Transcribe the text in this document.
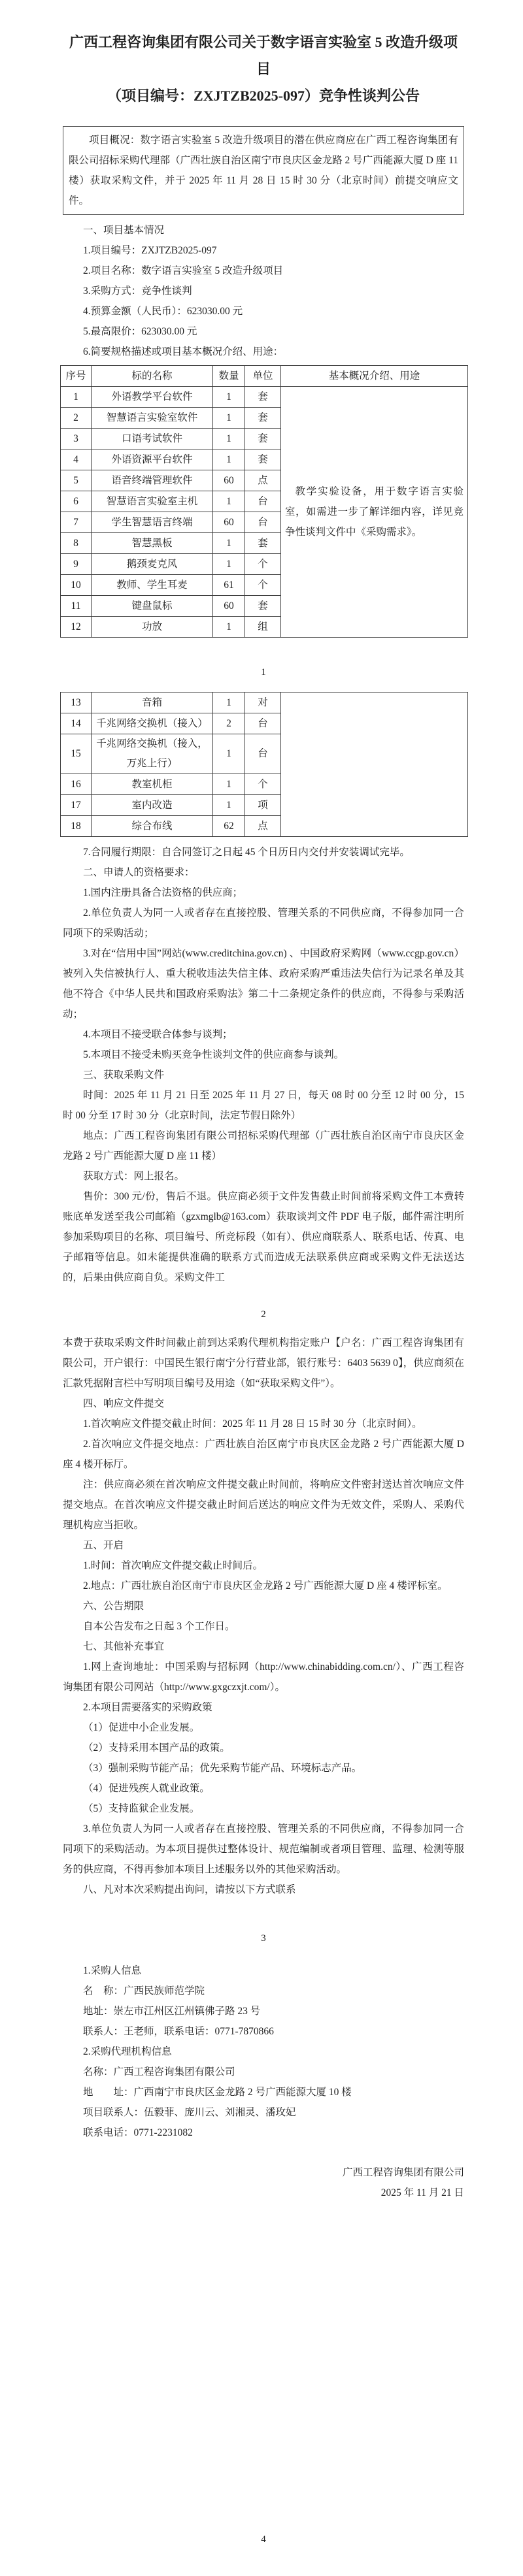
广西工程咨询集团有限公司关于数字语言实验室 5 改造升级项目

（项目编号：ZXJTZB2025-097）竞争性谈判公告

项目概况：数字语言实验室 5 改造升级项目的潜在供应商应在广西工程咨询集团有限公司招标采购代理部（广西壮族自治区南宁市良庆区金龙路 2 号广西能源大厦 D 座 11 楼）获取采购文件，并于 2025 年 11 月 28 日 15 时 30 分（北京时间）前提交响应文件。

一、项目基本情况

1.项目编号：ZXJTZB2025-097

2.项目名称：数字语言实验室 5 改造升级项目

3.采购方式：竞争性谈判

4.预算金额（人民币）：623030.00 元

5.最高限价：623030.00 元

6.简要规格描述或项目基本概况介绍、用途：

序号	标的名称	数量	单位	基本概况介绍、用途
1	外语教学平台软件	1	套	教学实验设备，用于数字语言实验室，如需进一步了解详细内容，详见竞争性谈判文件中《采购需求》。
2	智慧语言实验室软件	1	套	
3	口语考试软件	1	套	
4	外语资源平台软件	1	套	
5	语音终端管理软件	60	点	
6	智慧语言实验室主机	1	台	
7	学生智慧语言终端	60	台	
8	智慧黑板	1	套	
9	鹅颈麦克风	1	个	
10	教师、学生耳麦	61	个	
11	键盘鼠标	60	套	
12	功放	1	组	

1

13	音箱	1	对	
14	千兆网络交换机（接入）	2	台	
15	千兆网络交换机（接入，万兆上行）	1	台	
16	教室机柜	1	个	
17	室内改造	1	项	
18	综合布线	62	点	

7.合同履行期限：自合同签订之日起 45 个日历日内交付并安装调试完毕。

二、申请人的资格要求：

1.国内注册具备合法资格的供应商；

2.单位负责人为同一人或者存在直接控股、管理关系的不同供应商，不得参加同一合同项下的采购活动；

3.对在“信用中国”网站(www.creditchina.gov.cn) 、中国政府采购网（www.ccgp.gov.cn）被列入失信被执行人、重大税收违法失信主体、政府采购严重违法失信行为记录名单及其他不符合《中华人民共和国政府采购法》第二十二条规定条件的供应商，不得参与采购活动；

4.本项目不接受联合体参与谈判；

5.本项目不接受未购买竞争性谈判文件的供应商参与谈判。

三、获取采购文件

时间：2025 年 11 月 21 日至 2025 年 11 月 27 日，每天 08 时 00 分至 12 时 00 分，15 时 00 分至 17 时 30 分（北京时间，法定节假日除外）

地点：广西工程咨询集团有限公司招标采购代理部（广西壮族自治区南宁市良庆区金龙路 2 号广西能源大厦 D 座 11 楼）

获取方式：网上报名。

售价：300 元/份，售后不退。供应商必须于文件发售截止时间前将采购文件工本费转账底单发送至我公司邮箱（gzxmglb@163.com）获取谈判文件 PDF 电子版，邮件需注明所参加采购项目的名称、项目编号、所竞标段（如有）、供应商联系人、联系电话、传真、电子邮箱等信息。如未能提供准确的联系方式而造成无法联系供应商或采购文件无法送达的，后果由供应商自负。采购文件工

2

本费于获取采购文件时间截止前到达采购代理机构指定账户【户名：广西工程咨询集团有限公司，开户银行：中国民生银行南宁分行营业部，银行账号：6403 5639 0】，供应商须在汇款凭据附言栏中写明项目编号及用途（如“获取采购文件”）。

四、响应文件提交

1.首次响应文件提交截止时间：2025 年 11 月 28 日 15 时 30 分（北京时间）。

2.首次响应文件提交地点：广西壮族自治区南宁市良庆区金龙路 2 号广西能源大厦 D 座 4 楼开标厅。

注：供应商必须在首次响应文件提交截止时间前，将响应文件密封送达首次响应文件提交地点。在首次响应文件提交截止时间后送达的响应文件为无效文件，采购人、采购代理机构应当拒收。

五、开启

1.时间：首次响应文件提交截止时间后。

2.地点：广西壮族自治区南宁市良庆区金龙路 2 号广西能源大厦 D 座 4 楼评标室。

六、公告期限

自本公告发布之日起 3 个工作日。

七、其他补充事宜

1.网上查询地址：中国采购与招标网（http://www.chinabidding.com.cn/）、广西工程咨询集团有限公司网站（http://www.gxgczxjt.com/）。

2.本项目需要落实的采购政策

（1）促进中小企业发展。

（2）支持采用本国产品的政策。

（3）强制采购节能产品；优先采购节能产品、环境标志产品。

（4）促进残疾人就业政策。

（5）支持监狱企业发展。

3.单位负责人为同一人或者存在直接控股、管理关系的不同供应商，不得参加同一合同项下的采购活动。为本项目提供过整体设计、规范编制或者项目管理、监理、检测等服务的供应商，不得再参加本项目上述服务以外的其他采购活动。

八、凡对本次采购提出询问，请按以下方式联系

3

1.采购人信息

名　称：广西民族师范学院

地址：崇左市江州区江州镇佛子路 23 号

联系人：王老师，联系电话：0771-7870866

2.采购代理机构信息

名称：广西工程咨询集团有限公司

地　　址：广西南宁市良庆区金龙路 2 号广西能源大厦 10 楼

项目联系人：伍毅菲、庞川云、刘湘灵、潘玫妃

联系电话：0771-2231082

广西工程咨询集团有限公司

2025 年 11 月 21 日

4
